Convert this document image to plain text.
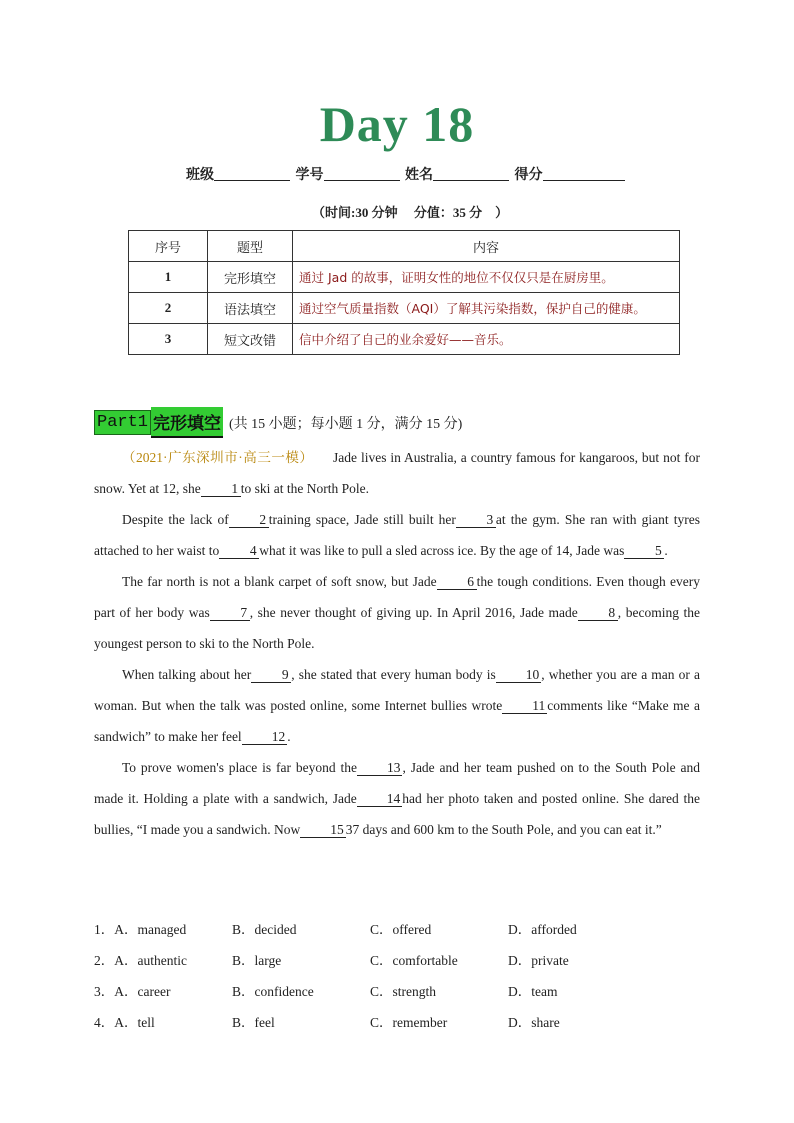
Day 18
班级	学号	姓名	得分
（时间:30 分钟　 分值：35 分　）
序号	题型	内容
1	完形填空	通过 Jad 的故事，证明女性的地位不仅仅只是在厨房里。
2	语法填空	通过空气质量指数（AQI）了解其污染指数，保护自己的健康。
3	短文改错	信中介绍了自己的业余爱好——音乐。
Part1 完形填空 (共 15 小题；每小题 1 分，满分 15 分)

（2021·广东深圳市·高三一模） Jade lives in Australia, a country famous for kangaroos, but not for snow. Yet at 12, she 1 to ski at the North Pole.

Despite the lack of 2 training space, Jade still built her 3 at the gym. She ran with giant tyres attached to her waist to 4 what it was like to pull a sled across ice. By the age of 14, Jade was 5 .

The far north is not a blank carpet of soft snow, but Jade 6 the tough conditions. Even though every part of her body was 7 , she never thought of giving up. In April 2016, Jade made 8 , becoming the youngest person to ski to the North Pole.

When talking about her 9 , she stated that every human body is 10 , whether you are a man or a woman. But when the talk was posted online, some Internet bullies wrote 11 comments like “Make me a sandwich” to make her feel 12 .

To prove women's place is far beyond the 13 , Jade and her team pushed on to the South Pole and made it. Holding a plate with a sandwich, Jade 14 had her photo taken and posted online. She dared the bullies, “I made you a sandwich. Now 15 37 days and 600 km to the South Pole, and you can eat it.”

1．A．managed	B．decided	C．offered	D．afforded
2．A．authentic	B．large	C．comfortable	D．private
3．A．career	B．confidence	C．strength	D．team
4．A．tell	B．feel	C．remember	D．share
